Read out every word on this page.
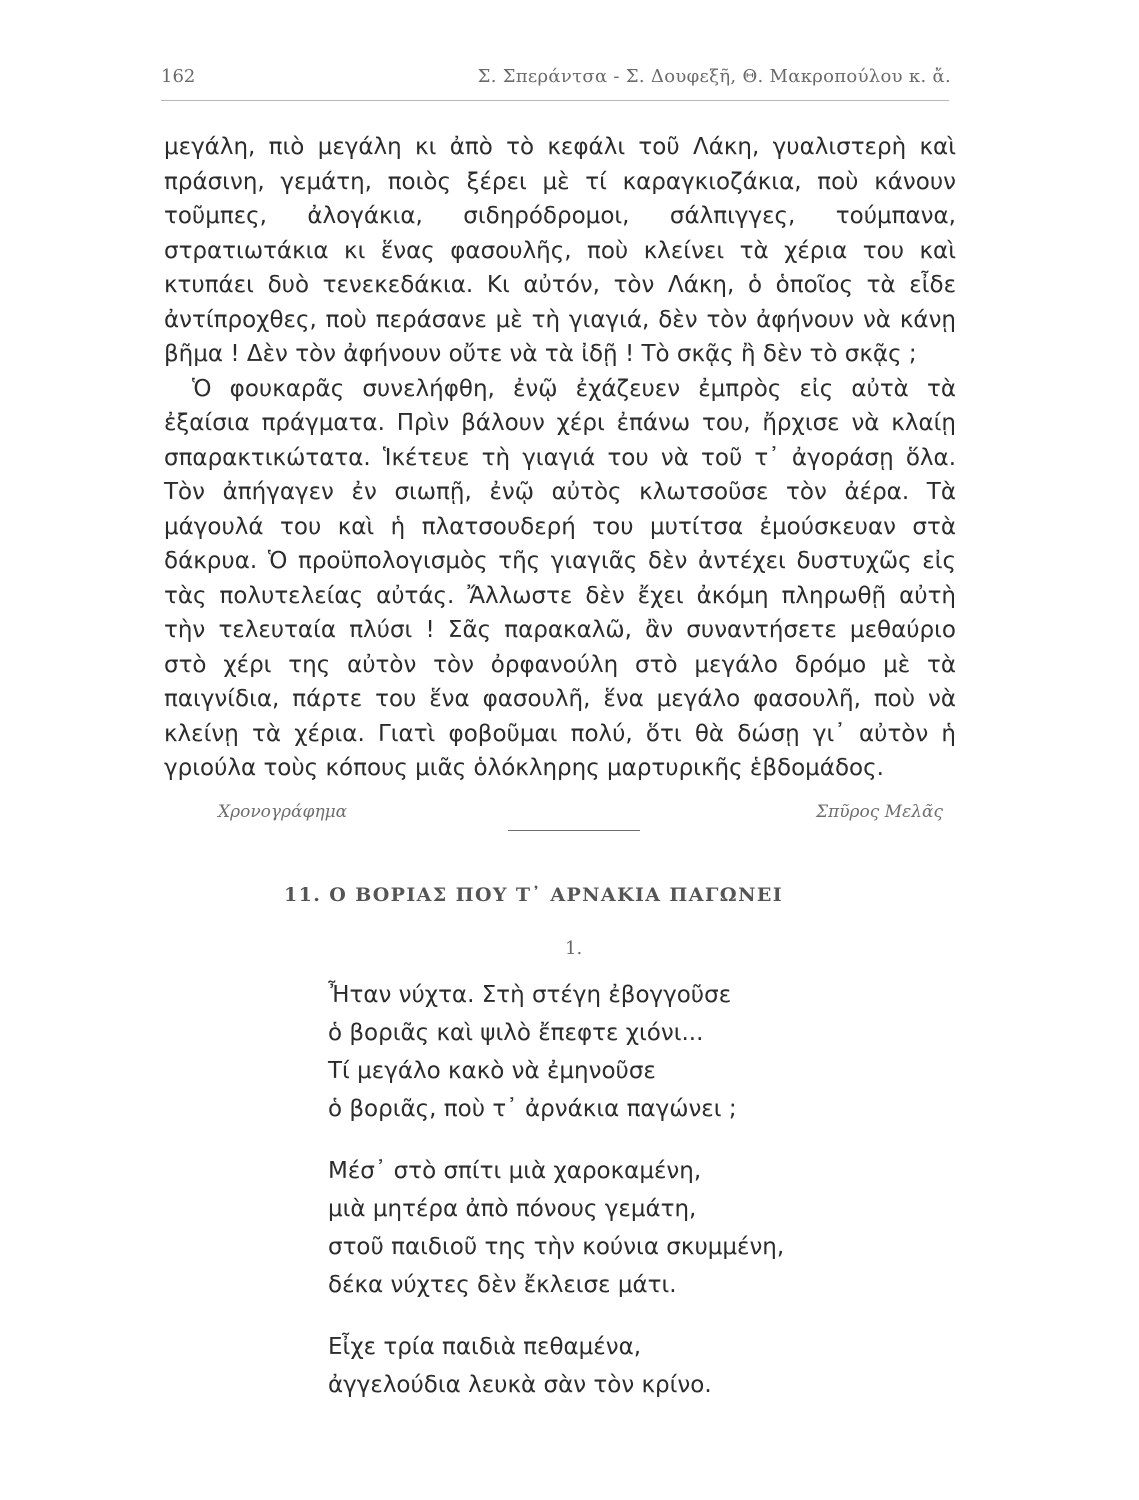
162	Σ. Σπεράντσα - Σ. Δουφεξῆ, Θ. Μακροπούλου κ. ἄ.

μεγάλη, πιὸ μεγάλη κι ἀπὸ τὸ κεφάλι τοῦ Λάκη, γυαλιστερὴ καὶ πράσινη, γεμάτη, ποιὸς ξέρει μὲ τί καραγκιοζάκια, ποὺ κάνουν τοῦμπες, ἀλογάκια, σιδηρόδρομοι, σάλπιγγες, τούμπανα, στρατιωτάκια κι ἕνας φασουλῆς, ποὺ κλείνει τὰ χέρια του καὶ κτυπάει δυὸ τενεκεδάκια. Κι αὐτόν, τὸν Λάκη, ὁ ὁποῖος τὰ εἶδε ἀντίπροχθες, ποὺ περάσανε μὲ τὴ γιαγιά, δὲν τὸν ἀφήνουν νὰ κάνῃ βῆμα ! Δὲν τὸν ἀφήνουν οὔτε νὰ τὰ ἰδῇ ! Τὸ σκᾷς ἢ δὲν τὸ σκᾷς ;

Ὁ φουκαρᾶς συνελήφθη, ἐνῷ ἐχάζευεν ἐμπρὸς εἰς αὐτὰ τὰ ἐξαίσια πράγματα. Πρὶν βάλουν χέρι ἐπάνω του, ἤρχισε νὰ κλαίῃ σπαρακτικώτατα. Ἱκέτευε τὴ γιαγιά του νὰ τοῦ τ᾽ ἀγοράσῃ ὅλα. Τὸν ἀπήγαγεν ἐν σιωπῇ, ἐνῷ αὐτὸς κλωτσοῦσε τὸν ἀέρα. Τὰ μάγουλά του καὶ ἡ πλατσουδερή του μυτίτσα ἐμούσκευαν στὰ δάκρυα. Ὁ προϋπολογισμὸς τῆς γιαγιᾶς δὲν ἀντέχει δυστυχῶς εἰς τὰς πολυτελείας αὐτάς. Ἄλλωστε δὲν ἔχει ἀκόμη πληρωθῇ αὐτὴ τὴν τελευταία πλύσι ! Σᾶς παρακαλῶ, ἂν συναντήσετε μεθαύριο στὸ χέρι της αὐτὸν τὸν ὀρφανούλη στὸ μεγάλο δρόμο μὲ τὰ παιγνίδια, πάρτε του ἕνα φασουλῆ, ἕνα μεγάλο φασουλῆ, ποὺ νὰ κλείνῃ τὰ χέρια. Γιατὶ φοβοῦμαι πολύ, ὅτι θὰ δώσῃ γι᾽ αὐτὸν ἡ γριούλα τοὺς κόπους μιᾶς ὁλόκληρης μαρτυρικῆς ἑβδομάδος.

Χρονογράφημα	Σπῦρος Μελᾶς
11. Ο ΒΟΡΙΑΣ ΠΟΥ Τ᾽ ΑΡΝΑΚΙΑ ΠΑΓΩΝΕΙ
1.
Ἦταν νύχτα. Στὴ στέγη ἐβογγοῦσε
ὁ βοριᾶς καὶ ψιλὸ ἔπεφτε χιόνι...
Τί μεγάλο κακὸ νὰ ἐμηνοῦσε
ὁ βοριᾶς, ποὺ τ᾽ ἀρνάκια παγώνει ;
Μέσ᾽ στὸ σπίτι μιὰ χαροκαμένη,
μιὰ μητέρα ἀπὸ πόνους γεμάτη,
στοῦ παιδιοῦ της τὴν κούνια σκυμμένη,
δέκα νύχτες δὲν ἔκλεισε μάτι.
Εἶχε τρία παιδιὰ πεθαμένα,
ἀγγελούδια λευκὰ σὰν τὸν κρίνο.
